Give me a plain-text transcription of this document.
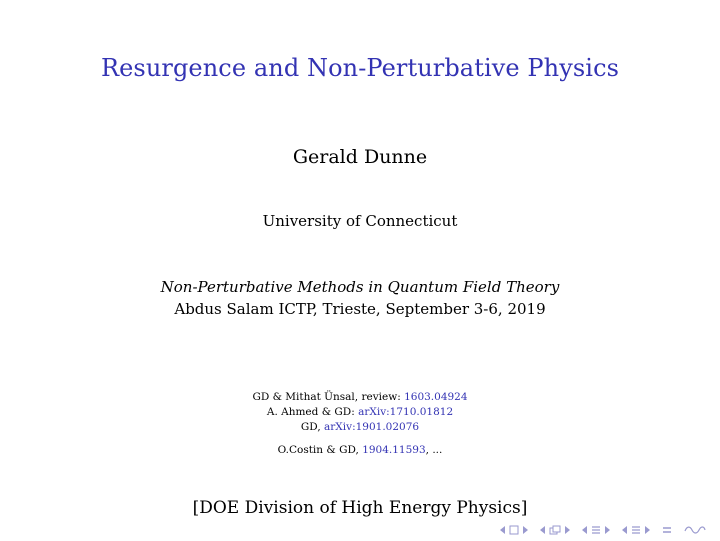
Resurgence and Non-Perturbative Physics
Gerald Dunne
University of Connecticut
Non-Perturbative Methods in Quantum Field Theory
Abdus Salam ICTP, Trieste, September 3-6, 2019
GD & Mithat Ünsal, review: 1603.04924
A. Ahmed & GD: arXiv:1710.01812
GD, arXiv:1901.02076
O.Costin & GD, 1904.11593, ...
[DOE Division of High Energy Physics]
